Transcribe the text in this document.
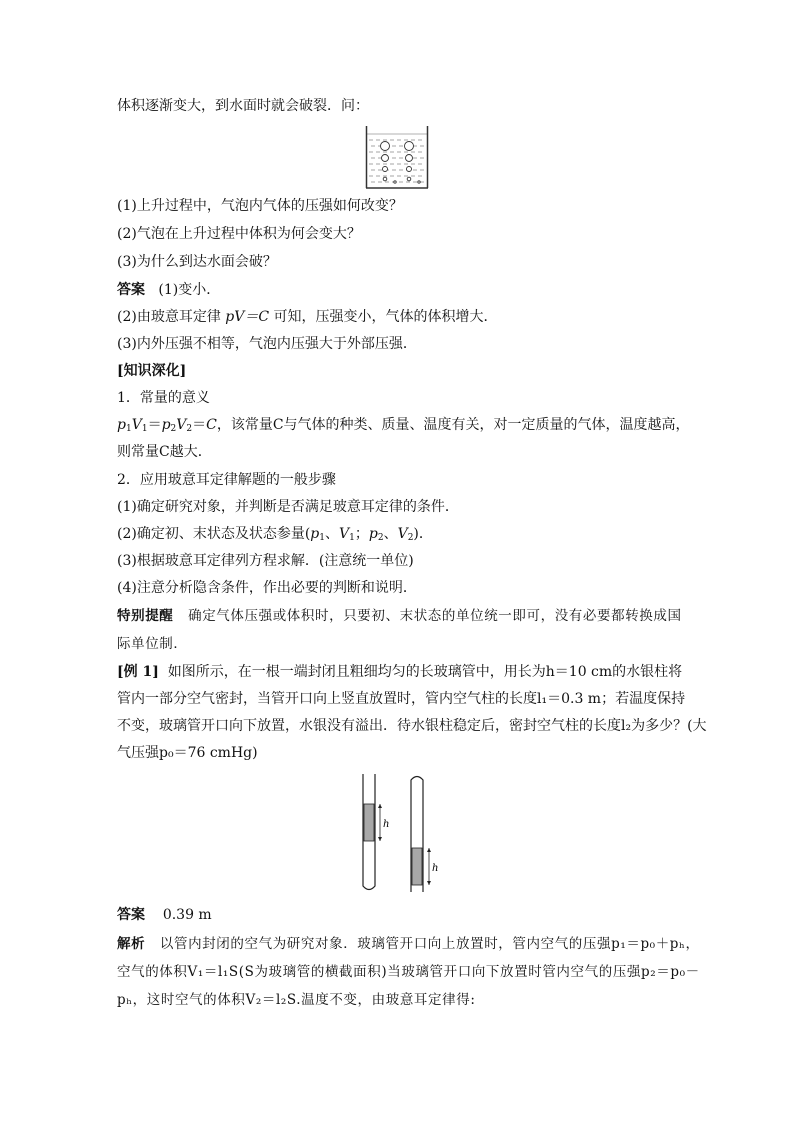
体积逐渐变大，到水面时就会破裂．问：
(1)上升过程中，气泡内气体的压强如何改变？
(2)气泡在上升过程中体积为何会变大？
(3)为什么到达水面会破？
答案 (1)变小．
(2)由玻意耳定律 pV＝C 可知，压强变小，气体的体积增大．
(3)内外压强不相等，气泡内压强大于外部压强．
[知识深化]
1．常量的意义
$p_1V_1=p_2V_2=C$，该常量C与气体的种类、质量、温度有关，对一定质量的气体，温度越高，
则常量C越大．
2．应用玻意耳定律解题的一般步骤
(1)确定研究对象，并判断是否满足玻意耳定律的条件．
(2)确定初、末状态及状态参量($p_1$、$V_1$；$p_2$、$V_2$)．
(3)根据玻意耳定律列方程求解．(注意统一单位)
(4)注意分析隐含条件，作出必要的判断和说明．
特别提醒 确定气体压强或体积时，只要初、末状态的单位统一即可，没有必要都转换成国
际单位制．
[例 1] 如图所示，在一根一端封闭且粗细均匀的长玻璃管中，用长为h＝10 cm的水银柱将
管内一部分空气密封，当管开口向上竖直放置时，管内空气柱的长度l₁＝0.3 m；若温度保持
不变，玻璃管开口向下放置，水银没有溢出．待水银柱稳定后，密封空气柱的长度l₂为多少？(大
气压强p₀＝76 cmHg)
h
h
答案 0.39 m
解析 以管内封闭的空气为研究对象．玻璃管开口向上放置时，管内空气的压强p₁＝p₀＋pₕ，
空气的体积V₁＝l₁S(S为玻璃管的横截面积)当玻璃管开口向下放置时管内空气的压强p₂＝p₀－
pₕ，这时空气的体积V₂＝l₂S.温度不变，由玻意耳定律得:
